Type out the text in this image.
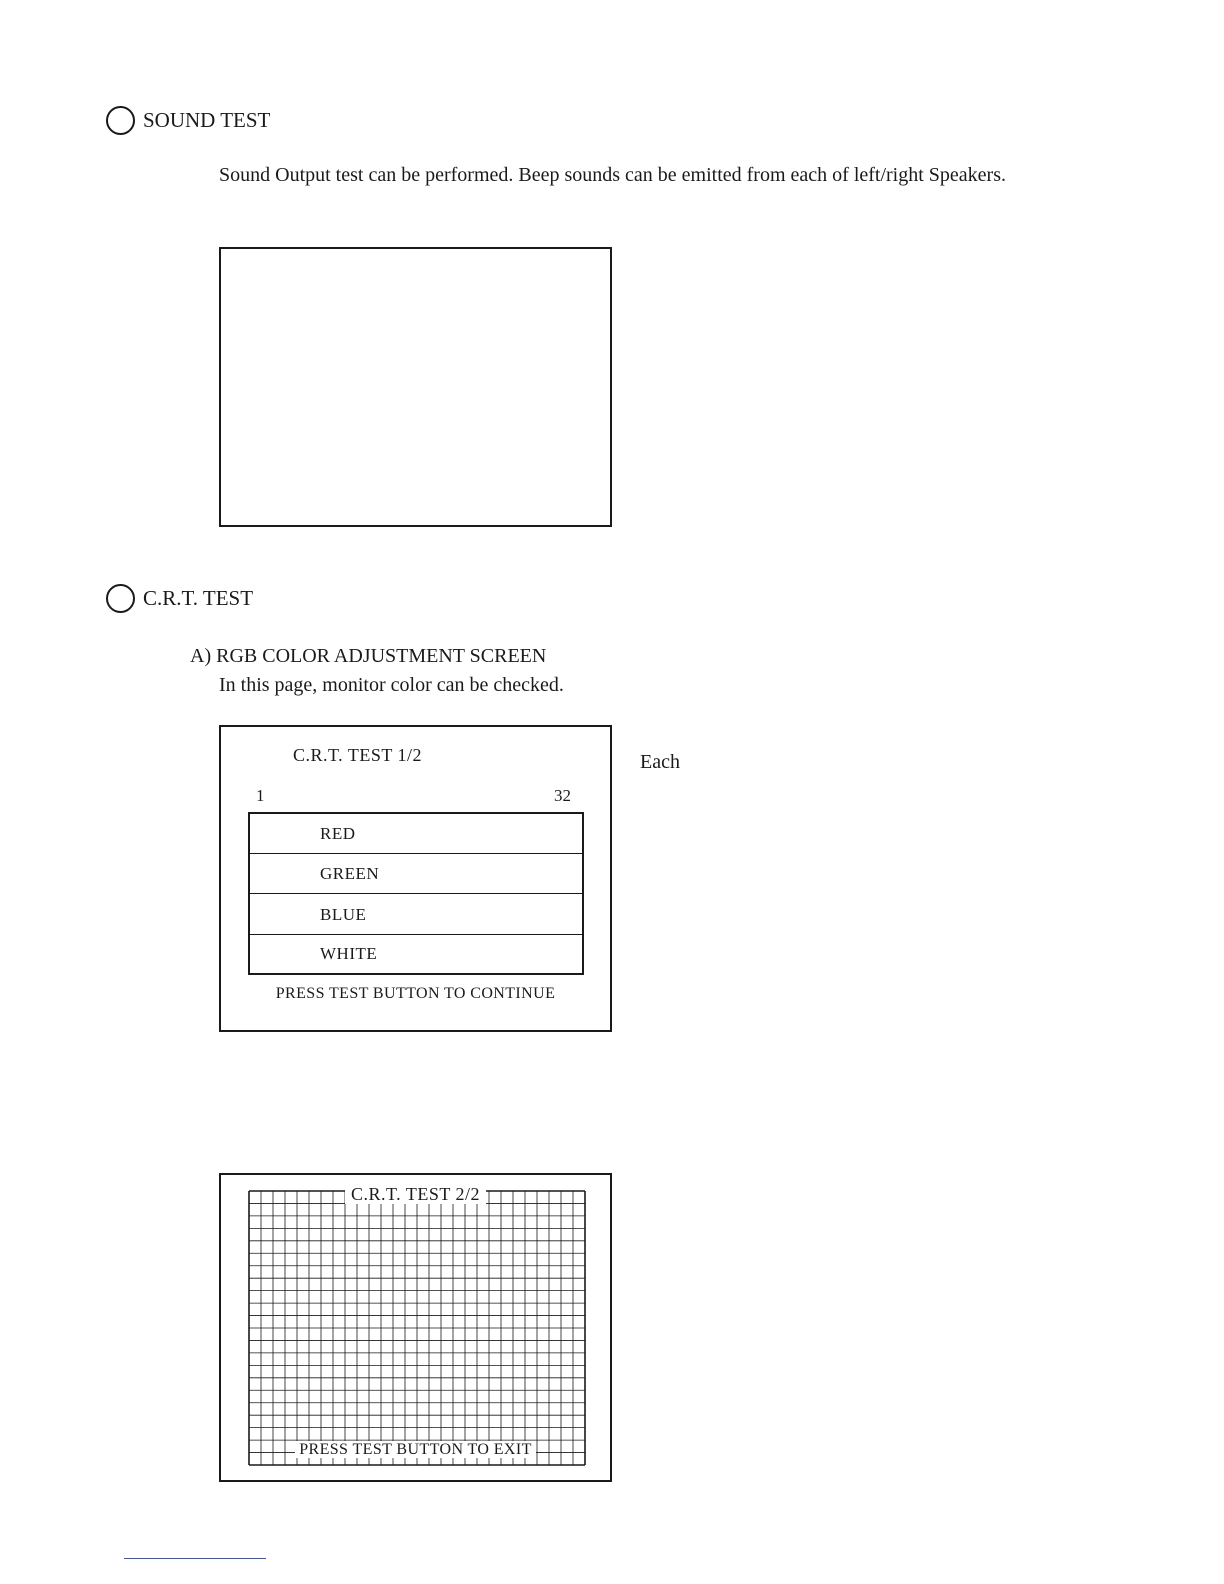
SOUND TEST
Sound Output test can be performed. Beep sounds can be emitted from each of left/right Speakers.
C.R.T. TEST
A) RGB COLOR ADJUSTMENT SCREEN
In this page, monitor color can be checked.
Each
C.R.T. TEST 1/2
1	32
RED
GREEN
BLUE
WHITE
PRESS TEST BUTTON TO CONTINUE
C.R.T. TEST 2/2
PRESS TEST BUTTON TO EXIT
